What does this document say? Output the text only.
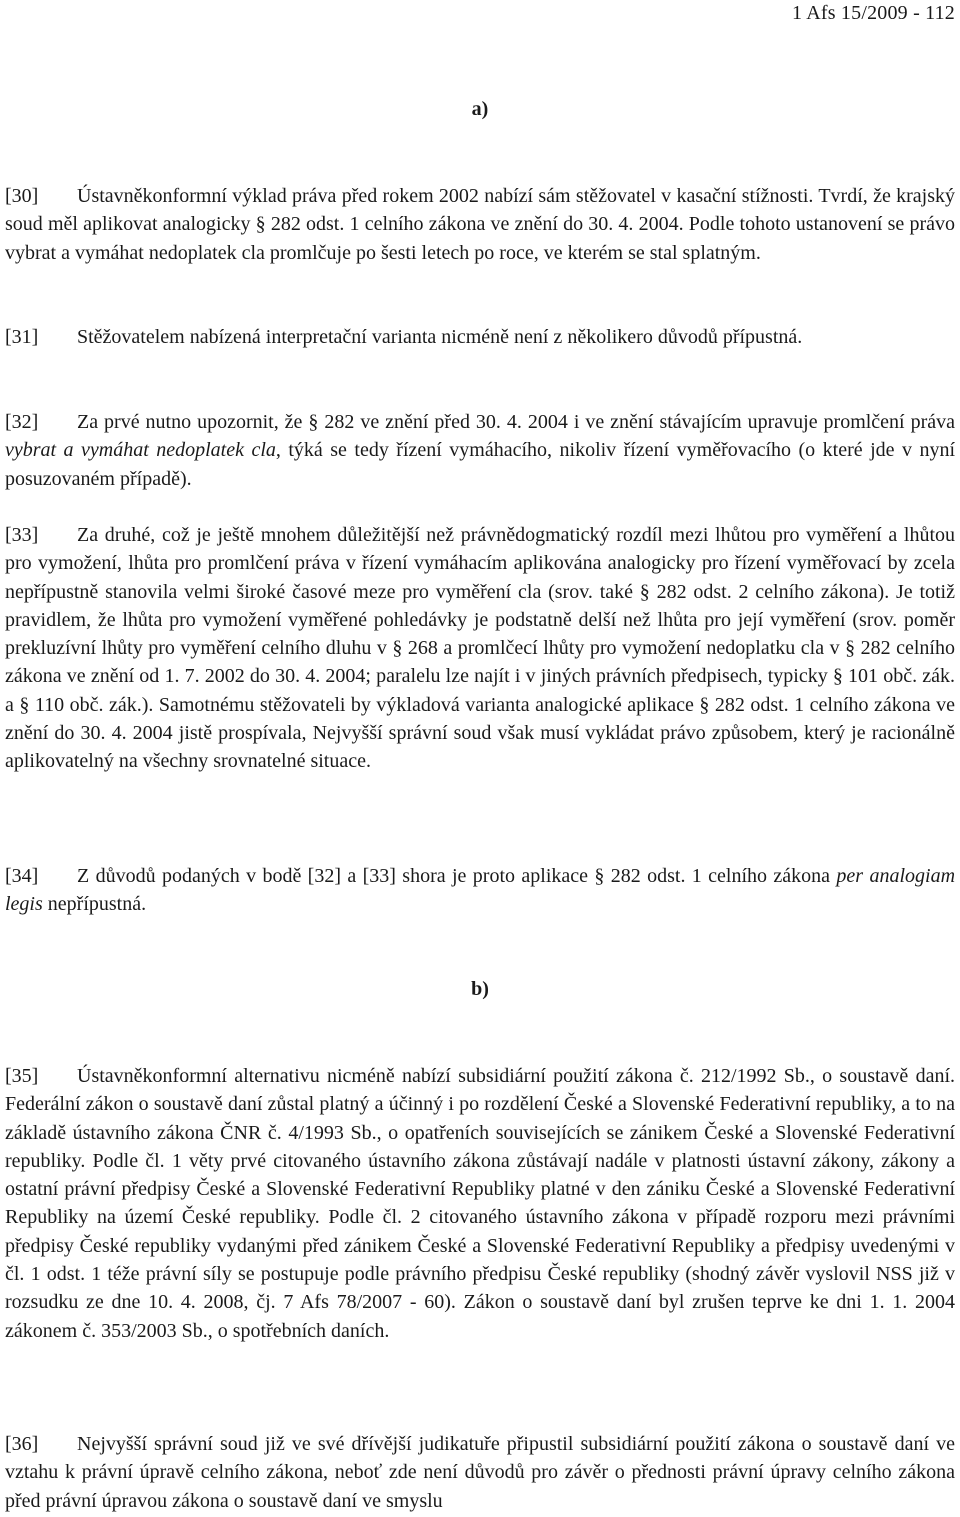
1 Afs 15/2009 - 112
a)

[30] Ústavněkonformní výklad práva před rokem 2002 nabízí sám stěžovatel v kasační stížnosti. Tvrdí, že krajský soud měl aplikovat analogicky § 282 odst. 1 celního zákona ve znění do 30. 4. 2004. Podle tohoto ustanovení se právo vybrat a vymáhat nedoplatek cla promlčuje po šesti letech po roce, ve kterém se stal splatným.

[31] Stěžovatelem nabízená interpretační varianta nicméně není z několikero důvodů přípustná.

[32] Za prvé nutno upozornit, že § 282 ve znění před 30. 4. 2004 i ve znění stávajícím upravuje promlčení práva vybrat a vymáhat nedoplatek cla, týká se tedy řízení vymáhacího, nikoliv řízení vyměřovacího (o které jde v nyní posuzovaném případě).

[33] Za druhé, což je ještě mnohem důležitější než právnědogmatický rozdíl mezi lhůtou pro vyměření a lhůtou pro vymožení, lhůta pro promlčení práva v řízení vymáhacím aplikována analogicky pro řízení vyměřovací by zcela nepřípustně stanovila velmi široké časové meze pro vyměření cla (srov. také § 282 odst. 2 celního zákona). Je totiž pravidlem, že lhůta pro vymožení vyměřené pohledávky je podstatně delší než lhůta pro její vyměření (srov. poměr prekluzívní lhůty pro vyměření celního dluhu v § 268 a promlčecí lhůty pro vymožení nedoplatku cla v § 282 celního zákona ve znění od 1. 7. 2002 do 30. 4. 2004; paralelu lze najít i v jiných právních předpisech, typicky § 101 obč. zák. a § 110 obč. zák.). Samotnému stěžovateli by výkladová varianta analogické aplikace § 282 odst. 1 celního zákona ve znění do 30. 4. 2004 jistě prospívala, Nejvyšší správní soud však musí vykládat právo způsobem, který je racionálně aplikovatelný na všechny srovnatelné situace.

[34] Z důvodů podaných v bodě [32] a [33] shora je proto aplikace § 282 odst. 1 celního zákona per analogiam legis nepřípustná.

b)

[35] Ústavněkonformní alternativu nicméně nabízí subsidiární použití zákona č. 212/1992 Sb., o soustavě daní. Federální zákon o soustavě daní zůstal platný a účinný i po rozdělení České a Slovenské Federativní republiky, a to na základě ústavního zákona ČNR č. 4/1993 Sb., o opatřeních souvisejících se zánikem České a Slovenské Federativní republiky. Podle čl. 1 věty prvé citovaného ústavního zákona zůstávají nadále v platnosti ústavní zákony, zákony a ostatní právní předpisy České a Slovenské Federativní Republiky platné v den zániku České a Slovenské Federativní Republiky na území České republiky. Podle čl. 2 citovaného ústavního zákona v případě rozporu mezi právními předpisy České republiky vydanými před zánikem České a Slovenské Federativní Republiky a předpisy uvedenými v čl. 1 odst. 1 téže právní síly se postupuje podle právního předpisu České republiky (shodný závěr vyslovil NSS již v rozsudku ze dne 10. 4. 2008, čj. 7 Afs 78/2007 - 60). Zákon o soustavě daní byl zrušen teprve ke dni 1. 1. 2004 zákonem č. 353/2003 Sb., o spotřebních daních.

[36] Nejvyšší správní soud již ve své dřívější judikatuře připustil subsidiární použití zákona o soustavě daní ve vztahu k právní úpravě celního zákona, neboť zde není důvodů pro závěr o přednosti právní úpravy celního zákona před právní úpravou zákona o soustavě daní ve smyslu
